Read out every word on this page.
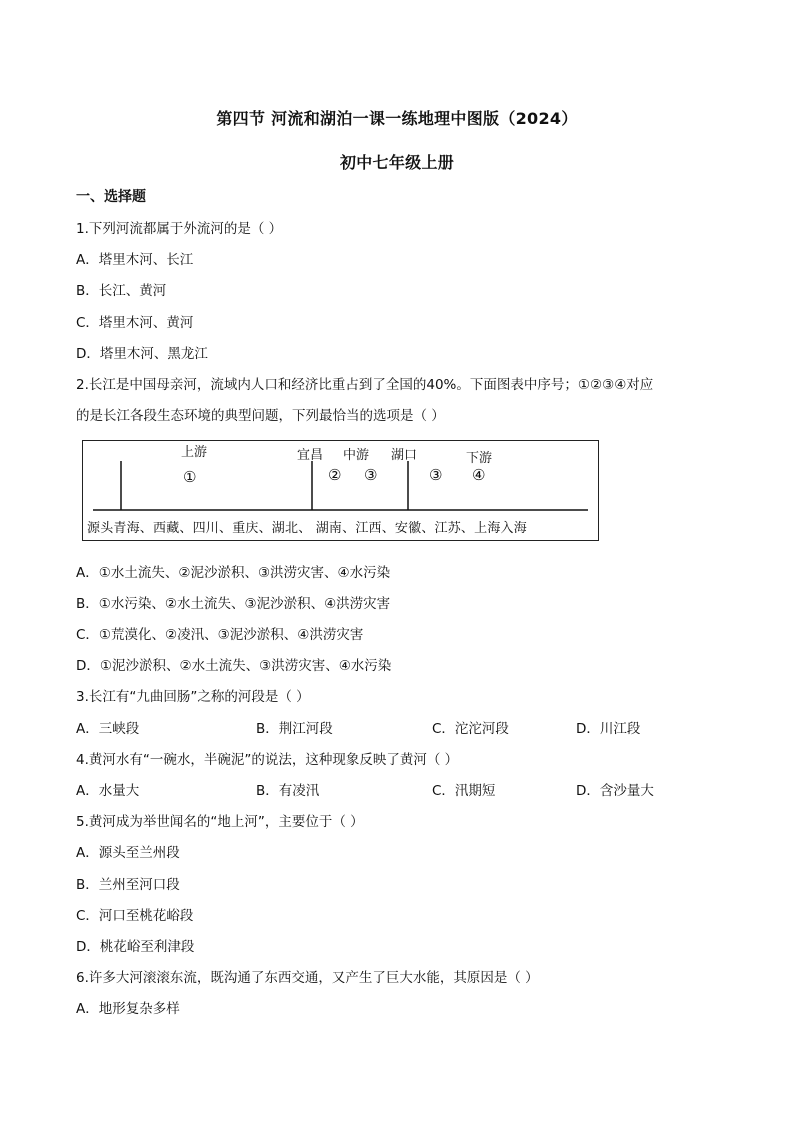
第四节 河流和湖泊一课一练地理中图版（2024）
初中七年级上册
一、选择题
1.下列河流都属于外流河的是（ ）
A．塔里木河、长江
B．长江、黄河
C．塔里木河、黄河
D．塔里木河、黑龙江
2.长江是中国母亲河，流域内人口和经济比重占到了全国的40%。下面图表中序号；①②③④对应
的是长江各段生态环境的典型问题，下列最恰当的选项是（ ）
上游	宜昌 中游 湖口	下游
①	② ③	③ ④
源头青海、西藏、四川、重庆、湖北、 湖南、江西、安徽、江苏、上海入海
A．①水土流失、②泥沙淤积、③洪涝灾害、④水污染
B．①水污染、②水土流失、③泥沙淤积、④洪涝灾害
C．①荒漠化、②凌汛、③泥沙淤积、④洪涝灾害
D．①泥沙淤积、②水土流失、③洪涝灾害、④水污染
3.长江有“九曲回肠”之称的河段是（ ）
A．三峡段	B．荆江河段	C．沱沱河段	D．川江段
4.黄河水有“一碗水，半碗泥”的说法，这种现象反映了黄河（ ）
A．水量大	B．有凌汛	C．汛期短	D．含沙量大
5.黄河成为举世闻名的“地上河”，主要位于（ ）
A．源头至兰州段
B．兰州至河口段
C．河口至桃花峪段
D．桃花峪至利津段
6.许多大河滚滚东流，既沟通了东西交通，又产生了巨大水能，其原因是（ ）
A．地形复杂多样
